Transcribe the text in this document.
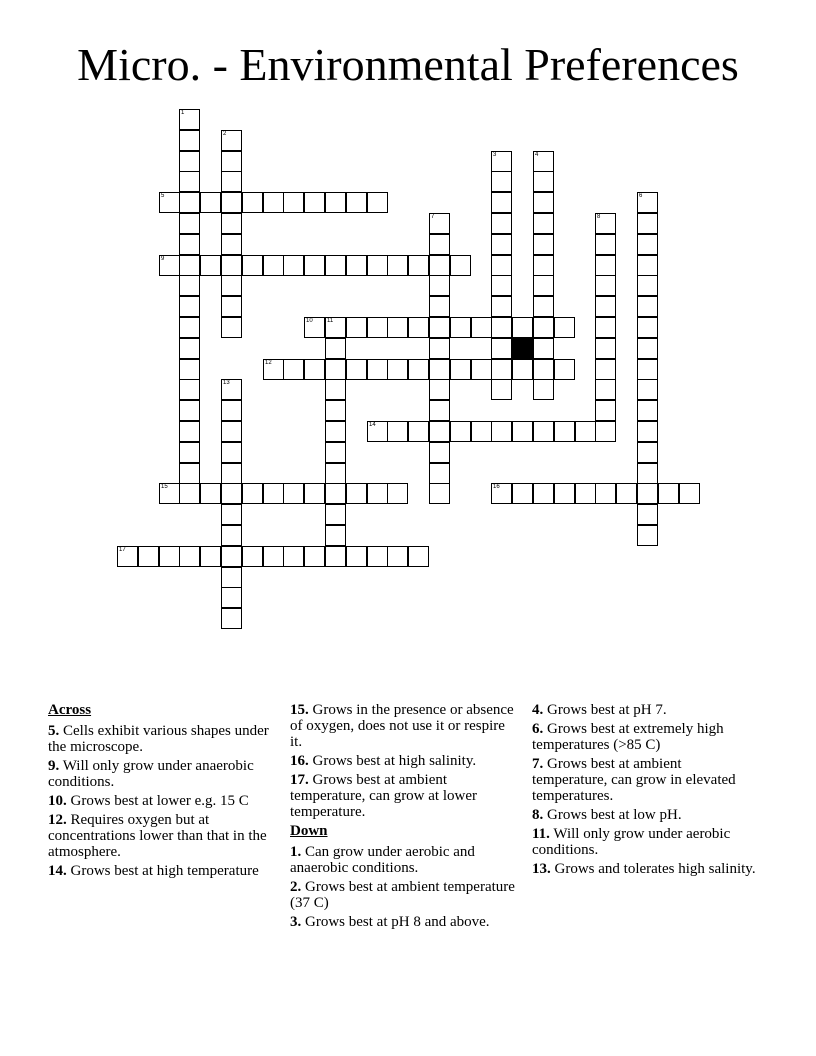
Micro. - Environmental Preferences
1
2
3	4
5	6
7	8
9
10 11
12
13
14
15	16
17
Across
5. Cells exhibit various shapes under the microscope.
9. Will only grow under anaerobic conditions.
10. Grows best at lower e.g. 15 C
12. Requires oxygen but at concentrations lower than that in the atmosphere.
14. Grows best at high temperature
15. Grows in the presence or absence of oxygen, does not use it or respire it.
16. Grows best at high salinity.
17. Grows best at ambient temperature, can grow at lower temperature.
Down
1. Can grow under aerobic and anaerobic conditions.
2. Grows best at ambient temperature (37 C)
3. Grows best at pH 8 and above.
4. Grows best at pH 7.
6. Grows best at extremely high temperatures (>85 C)
7. Grows best at ambient temperature, can grow in elevated temperatures.
8. Grows best at low pH.
11. Will only grow under aerobic conditions.
13. Grows and tolerates high salinity.
